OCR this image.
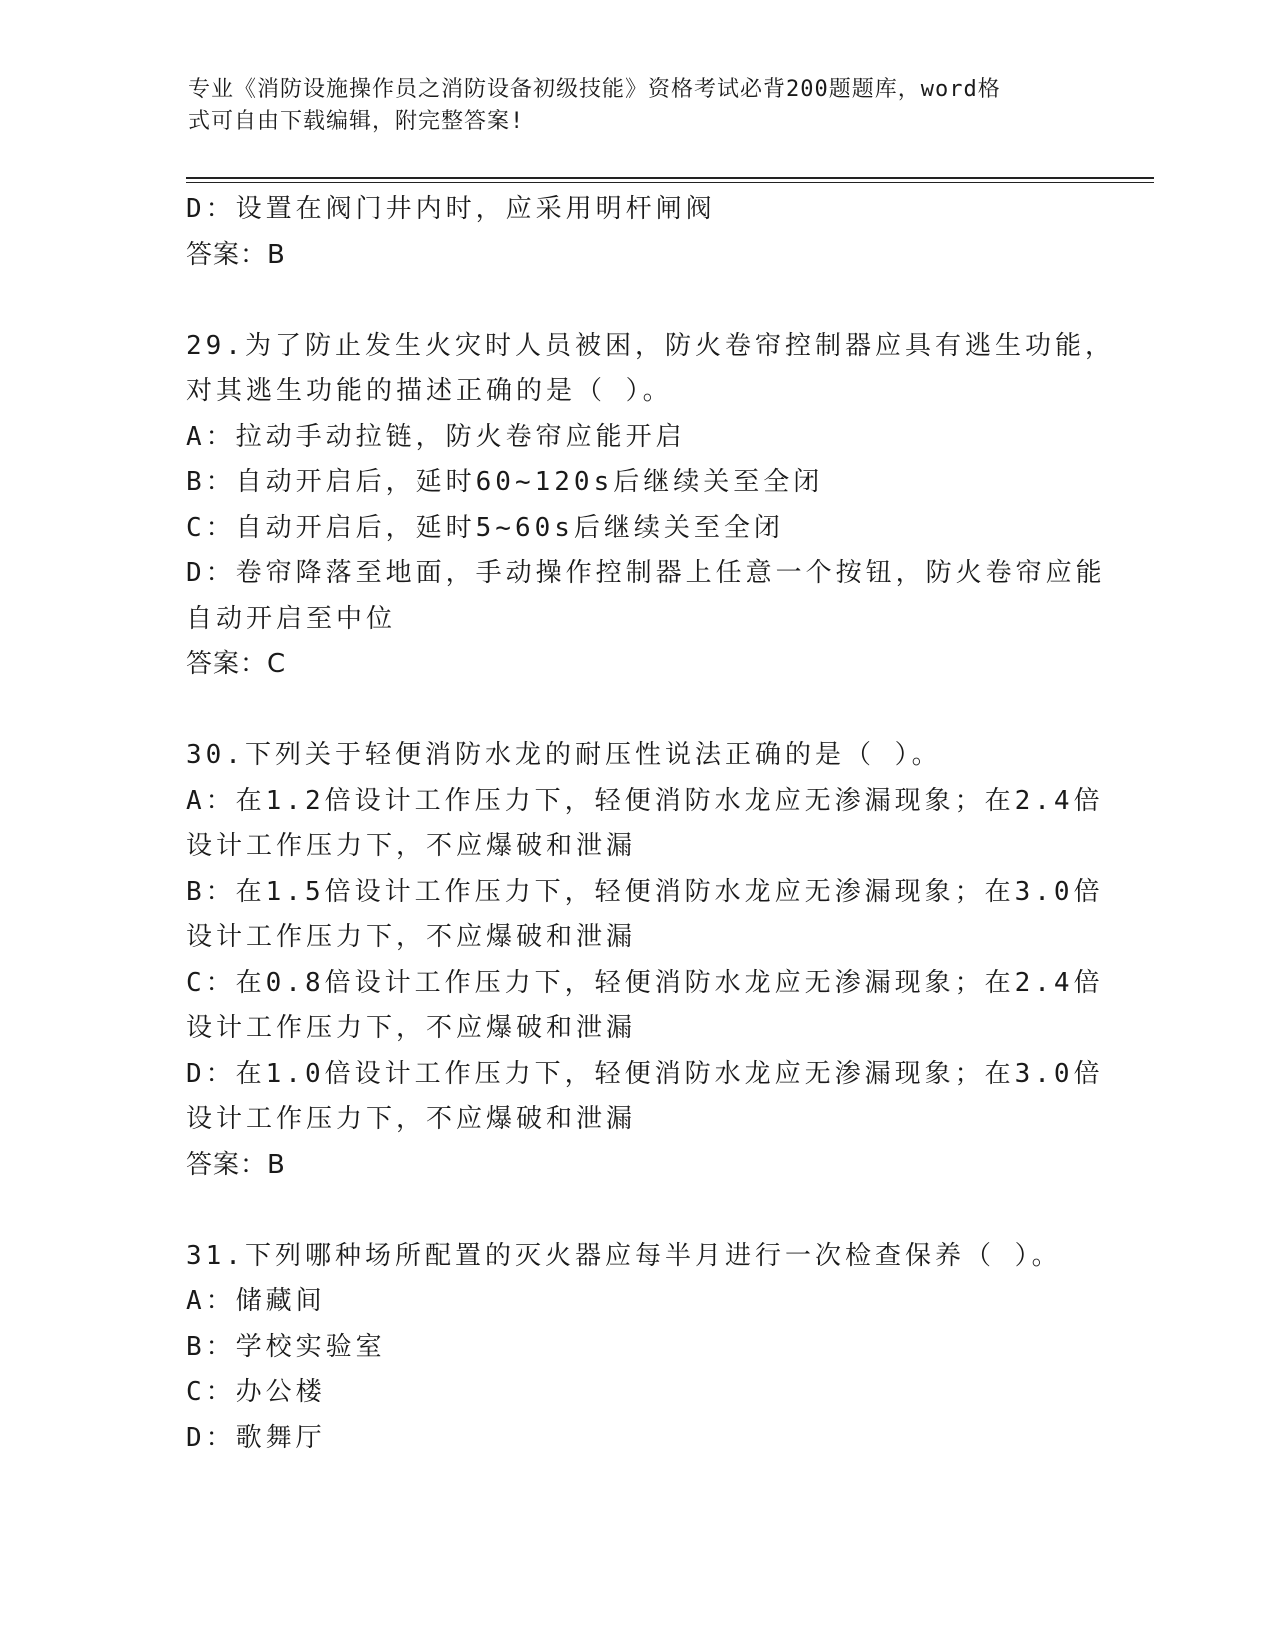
专业《消防设施操作员之消防设备初级技能》资格考试必背200题题库，word格
式可自由下载编辑，附完整答案!

D：设置在阀门井内时，应采用明杆闸阀

答案：B

29.为了防止发生火灾时人员被困，防火卷帘控制器应具有逃生功能，

对其逃生功能的描述正确的是（ ）。

A：拉动手动拉链，防火卷帘应能开启

B：自动开启后，延时60~120s后继续关至全闭

C：自动开启后，延时5~60s后继续关至全闭

D：卷帘降落至地面，手动操作控制器上任意一个按钮，防火卷帘应能

自动开启至中位

答案：C

30.下列关于轻便消防水龙的耐压性说法正确的是（ ）。

A：在1.2倍设计工作压力下，轻便消防水龙应无渗漏现象；在2.4倍

设计工作压力下，不应爆破和泄漏

B：在1.5倍设计工作压力下，轻便消防水龙应无渗漏现象；在3.0倍

设计工作压力下，不应爆破和泄漏

C：在0.8倍设计工作压力下，轻便消防水龙应无渗漏现象；在2.4倍

设计工作压力下，不应爆破和泄漏

D：在1.0倍设计工作压力下，轻便消防水龙应无渗漏现象；在3.0倍

设计工作压力下，不应爆破和泄漏

答案：B

31.下列哪种场所配置的灭火器应每半月进行一次检查保养（ ）。

A：储藏间

B：学校实验室

C：办公楼

D：歌舞厅
